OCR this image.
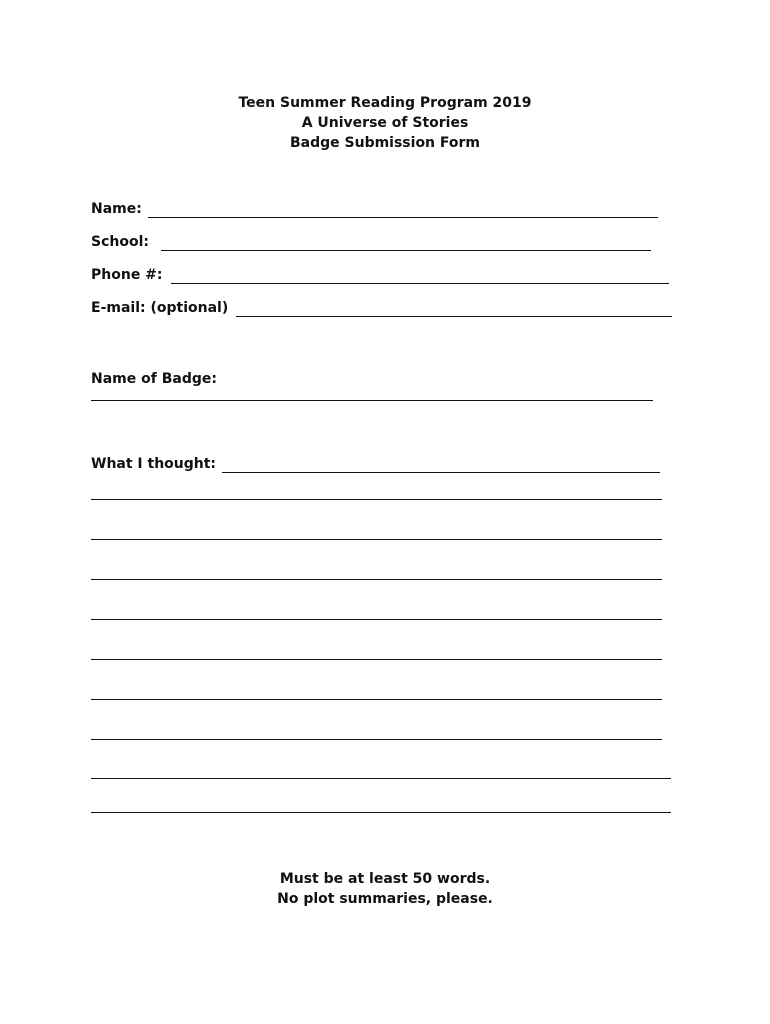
Teen Summer Reading Program 2019
A Universe of Stories
Badge Submission Form
Name:
School:
Phone #:
E-mail: (optional)
Name of Badge:
What I thought:
Must be at least 50 words.
No plot summaries, please.
